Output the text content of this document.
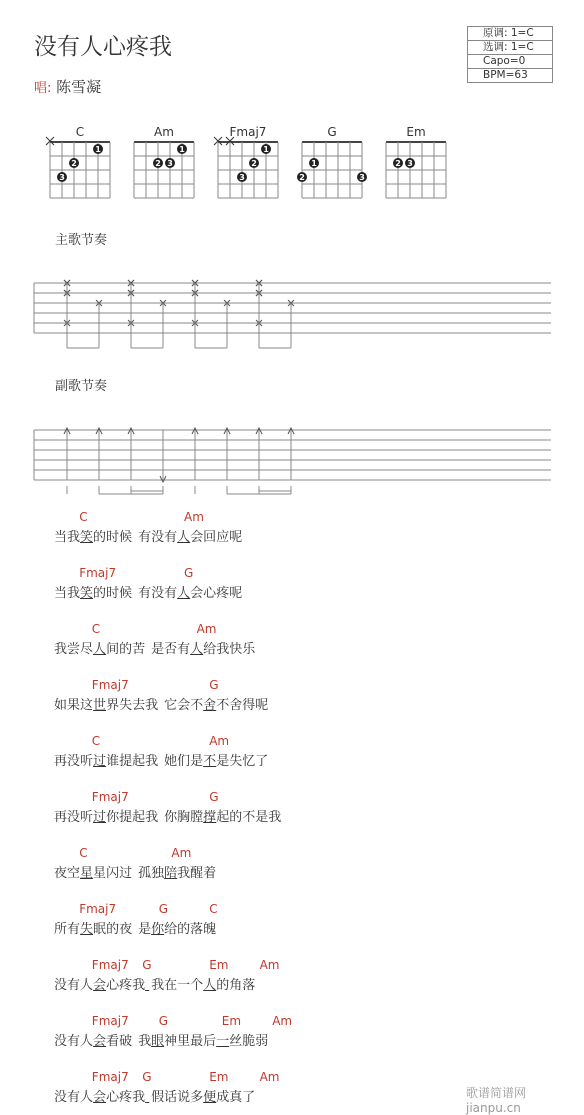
没有人心疼我
唱: 陈雪凝
原调: 1=C
选调: 1=C
Capo=0
BPM=63
C
3
2
1
Am
2 3
1
Fmaj7
3
2
1
G
2
1
3
Em
2 3
主歌节奏
副歌节奏
当我笑的时候 有没有人会回应呢
C	Am
当我笑的时候 有没有人会心疼呢
Fmaj7	G
我尝尽人间的苦 是否有人给我快乐
C	Am
如果这世界失去我 它会不舍不舍得呢
Fmaj7	G
再没听过谁提起我 她们是不是失忆了
C	Am
再没听过你提起我 你胸膛撑起的不是我
Fmaj7	G
夜空星星闪过 孤独陪我醒着
C	Am
所有失眠的夜 是你给的落魄
Fmaj7	G	C
没有人会心疼我 我在一个人的角落
Fmaj7 G	Em	Am
没有人会看破 我眼神里最后一丝脆弱
Fmaj7	G	Em	Am
没有人会心疼我 假话说多便成真了
Fmaj7 G	Em	Am
歌谱简谱网 jianpu.cn
